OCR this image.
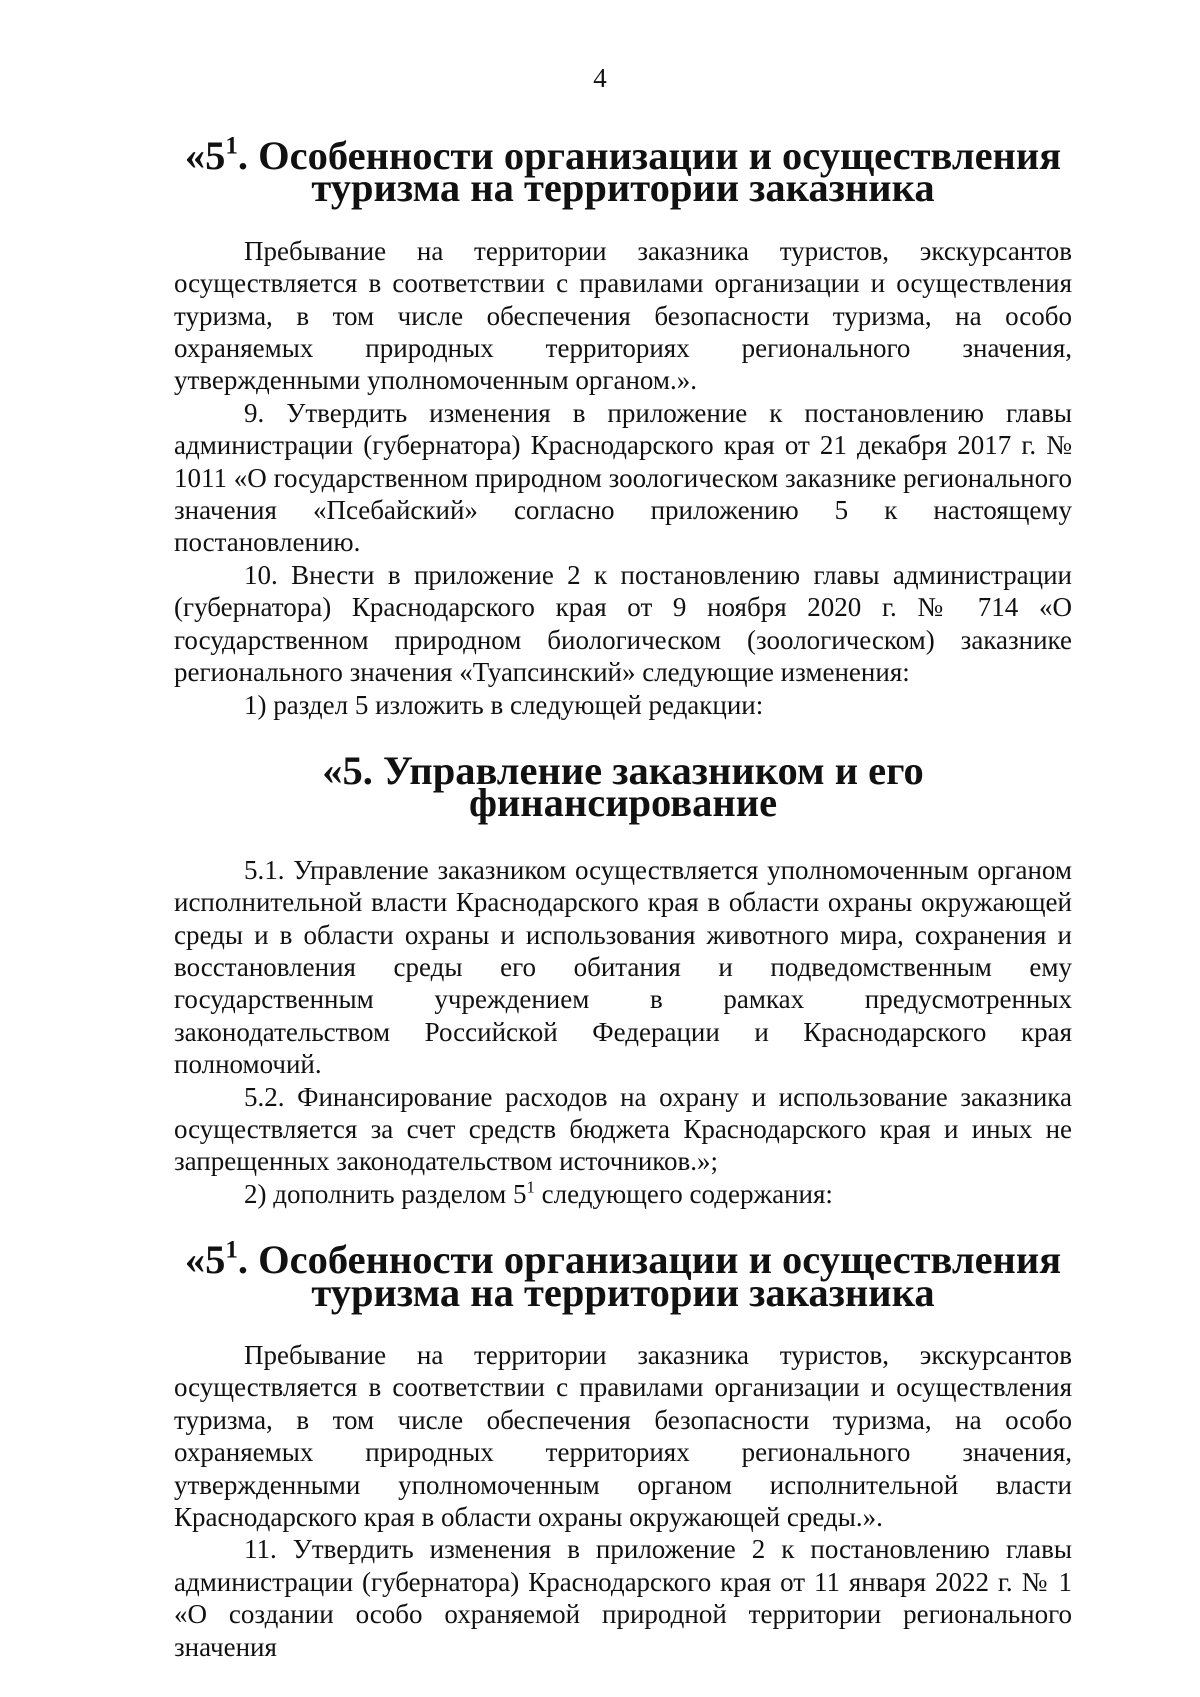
4
«$5^1$. Особенности организации и осуществления
туризма на территории заказника

Пребывание на территории заказника туристов, экскурсантов осуществляется в соответствии с правилами организации и осуществления туризма, в том числе обеспечения безопасности туризма, на особо охраняемых природных территориях регионального значения, утвержденными уполномоченным органом.».

9. Утвердить изменения в приложение к постановлению главы администрации (губернатора) Краснодарского края от 21 декабря 2017 г. № 1011 «О государственном природном зоологическом заказнике регионального значения «Псебайский» согласно приложению 5 к настоящему постановлению.

10. Внести в приложение 2 к постановлению главы администрации (губернатора) Краснодарского края от 9 ноября 2020 г. № 714 «О государственном природном биологическом (зоологическом) заказнике регионального значения «Туапсинский» следующие изменения:

1) раздел 5 изложить в следующей редакции:

«5. Управление заказником и его финансирование

5.1. Управление заказником осуществляется уполномоченным органом исполнительной власти Краснодарского края в области охраны окружающей среды и в области охраны и использования животного мира, сохранения и восстановления среды его обитания и подведомственным ему государственным учреждением в рамках предусмотренных законодательством Российской Федерации и Краснодарского края полномочий.

5.2. Финансирование расходов на охрану и использование заказника осуществляется за счет средств бюджета Краснодарского края и иных не запрещенных законодательством источников.»;

2) дополнить разделом $5^1$ следующего содержания:

«$5^1$. Особенности организации и осуществления
туризма на территории заказника

Пребывание на территории заказника туристов, экскурсантов осуществляется в соответствии с правилами организации и осуществления туризма, в том числе обеспечения безопасности туризма, на особо охраняемых природных территориях регионального значения, утвержденными уполномоченным органом исполнительной власти Краснодарского края в области охраны окружающей среды.».

11. Утвердить изменения в приложение 2 к постановлению главы администрации (губернатора) Краснодарского края от 11 января 2022 г. № 1 «О создании особо охраняемой природной территории регионального значения
